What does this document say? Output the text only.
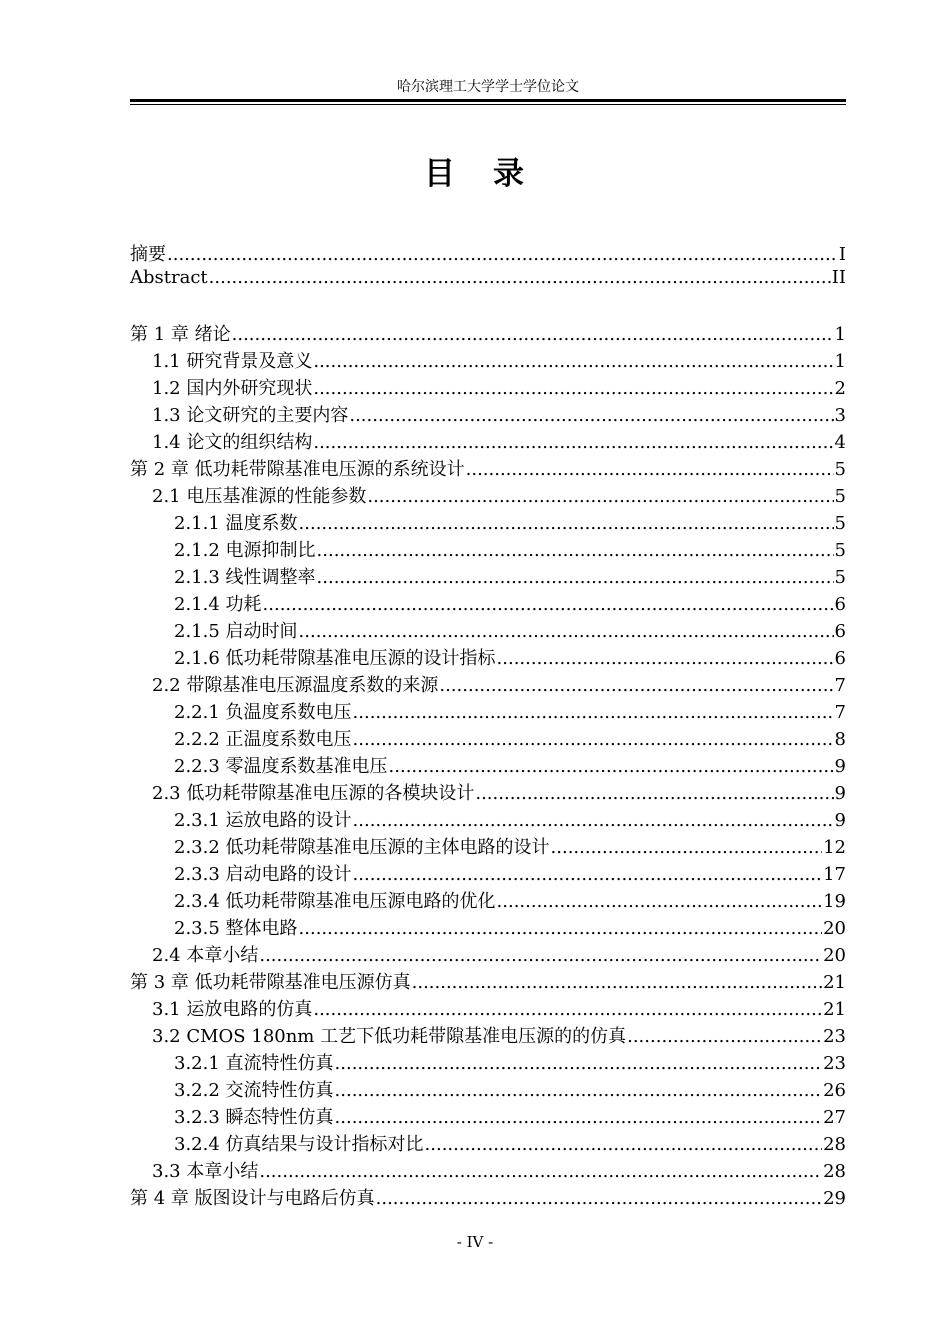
哈尔滨理工大学学士学位论文
目 录
摘要 .....	I
Abstract .....	II
第 1 章 绪论 .....	1
1.1 研究背景及意义 .....	1
1.2 国内外研究现状 .....	2
1.3 论文研究的主要内容 .....	3
1.4 论文的组织结构 .....	4
第 2 章 低功耗带隙基准电压源的系统设计 .....	5
2.1 电压基准源的性能参数 .....	5
2.1.1 温度系数 .....	5
2.1.2 电源抑制比 .....	5
2.1.3 线性调整率 .....	5
2.1.4 功耗 .....	6
2.1.5 启动时间 .....	6
2.1.6 低功耗带隙基准电压源的设计指标 .....	6
2.2 带隙基准电压源温度系数的来源 .....	7
2.2.1 负温度系数电压 .....	7
2.2.2 正温度系数电压 .....	8
2.2.3 零温度系数基准电压 .....	9
2.3 低功耗带隙基准电压源的各模块设计 .....	9
2.3.1 运放电路的设计 .....	9
2.3.2 低功耗带隙基准电压源的主体电路的设计 .....	12
2.3.3 启动电路的设计 .....	17
2.3.4 低功耗带隙基准电压源电路的优化 .....	19
2.3.5 整体电路 .....	20
2.4 本章小结 .....	20
第 3 章 低功耗带隙基准电压源仿真 .....	21
3.1 运放电路的仿真 .....	21
3.2 CMOS 180nm 工艺下低功耗带隙基准电压源的的仿真 .....	23
3.2.1 直流特性仿真 .....	23
3.2.2 交流特性仿真 .....	26
3.2.3 瞬态特性仿真 .....	27
3.2.4 仿真结果与设计指标对比 .....	28
3.3 本章小结 .....	28
第 4 章 版图设计与电路后仿真 .....	29
- IV -
